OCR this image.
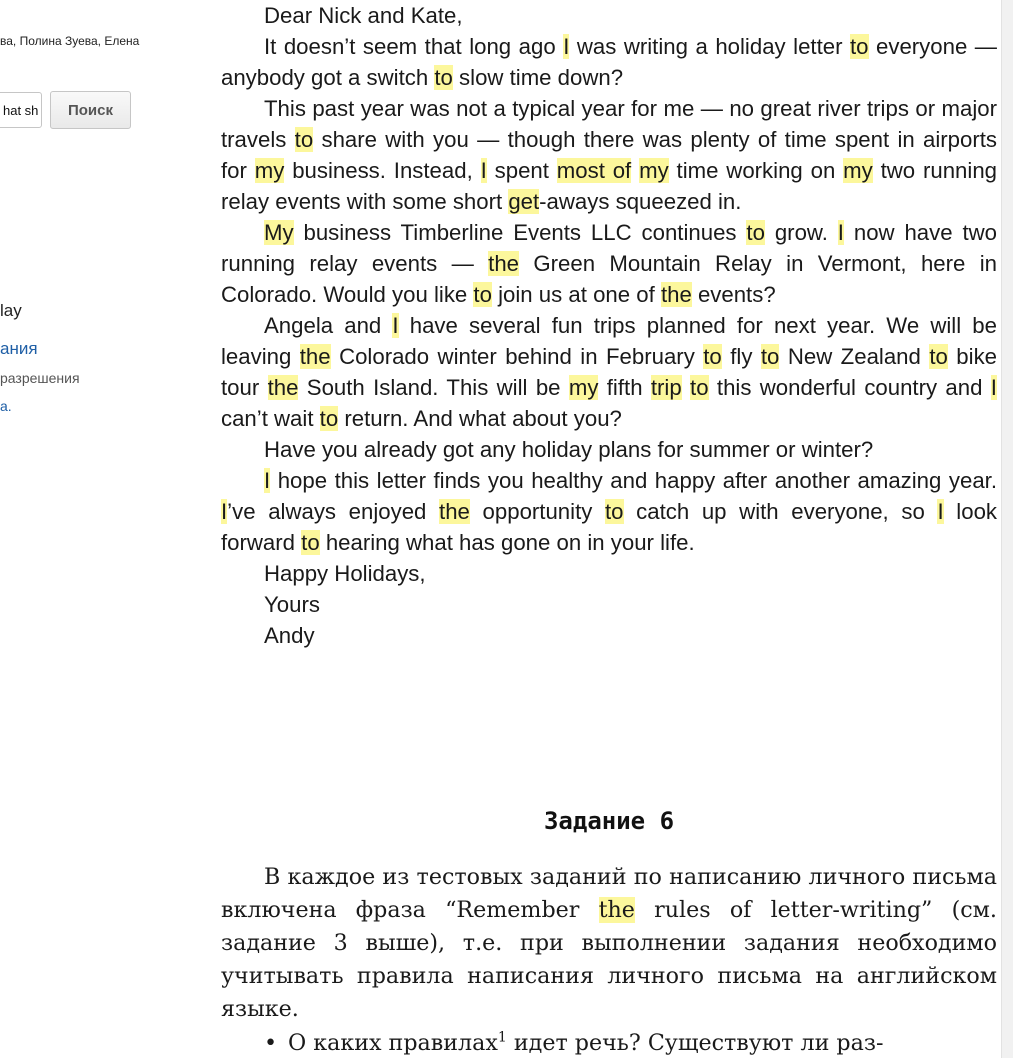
ва, Полина Зуева, Елена
hat sh
Поиск
lay
ания
разрешения
а.

Dear Nick and Kate,

It doesn’t seem that long ago I was writing a holiday letter to everyone — anybody got a switch to slow time down?

This past year was not a typical year for me — no great river trips or major travels to share with you — though there was plenty of time spent in airports for my business. Instead, I spent most of my time working on my two running relay events with some short get-aways squeezed in.

My business Timberline Events LLC continues to grow. I now have two running relay events — the Green Mountain Relay in Vermont, here in Colorado. Would you like to join us at one of the events?

Angela and I have several fun trips planned for next year. We will be leaving the Colorado winter behind in February to fly to New Zealand to bike tour the South Island. This will be my fifth trip to this wonderful country and I can’t wait to return. And what about you?

Have you already got any holiday plans for summer or winter?

I hope this letter finds you healthy and happy after another amazing year. I’ve always enjoyed the opportunity to catch up with everyone, so I look forward to hearing what has gone on in your life.

Happy Holidays,

Yours

Andy

Задание 6

В каждое из тестовых заданий по написанию личного письма включена фраза “Remember the rules of letter-writing” (см. задание 3 выше), т.е. при выполнении задания необходимо учитывать правила написания личного письма на английском языке.

• О каких правилах$^1$ идет речь? Существуют ли раз-
